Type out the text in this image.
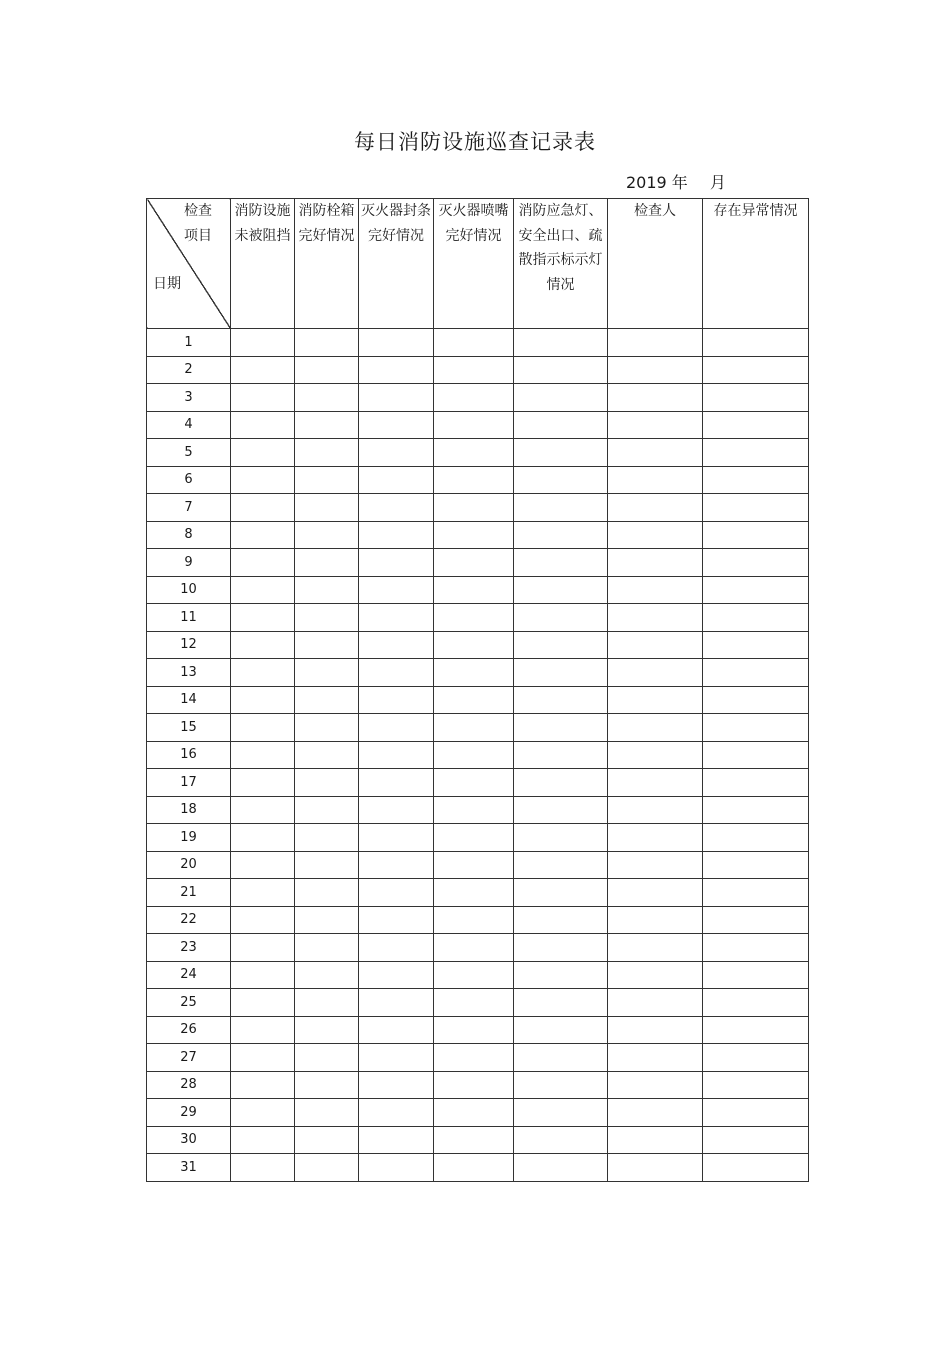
每日消防设施巡查记录表
2019 年 月
检查项目
日期	消防设施未被阻挡	消防栓箱完好情况	灭火器封条完好情况	灭火器喷嘴完好情况	消防应急灯、安全出口、疏散指示标示灯情况	检查人	存在异常情况
1							
2							
3							
4							
5							
6							
7							
8							
9							
10							
11							
12							
13							
14							
15							
16							
17							
18							
19							
20							
21							
22							
23							
24							
25							
26							
27							
28							
29							
30							
31							
